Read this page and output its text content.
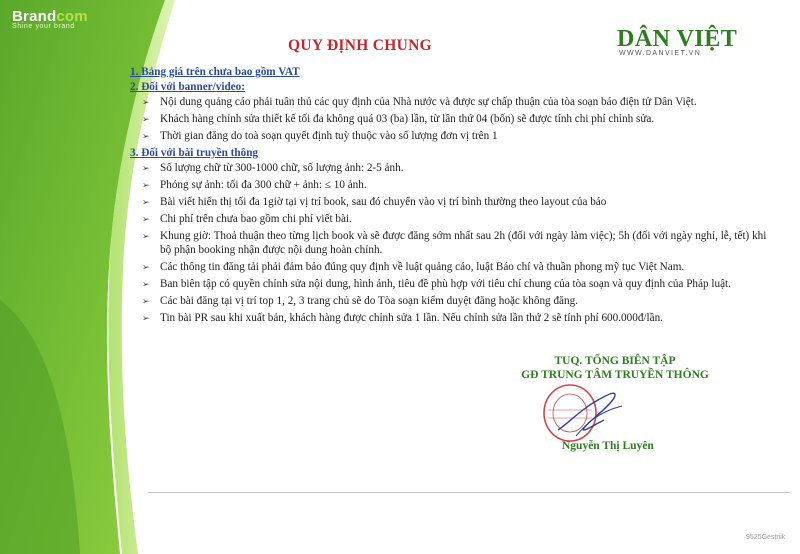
Brandcom
Shine your brand	DÂN VIỆT
WWW.DANVIET.VN
QUY ĐỊNH CHUNG
1. Bảng giá trên chưa bao gồm VAT
2. Đối với banner/video:
➢ Nội dung quảng cáo phải tuân thủ các quy định của Nhà nước và được sự chấp thuận của tòa soạn báo điện tử Dân Việt.
➢ Khách hàng chỉnh sửa thiết kế tối đa không quá 03 (ba) lần, từ lần thứ 04 (bốn) sẽ được tính chi phí chỉnh sửa.
➢ Thời gian đăng do toà soạn quyết định tuỳ thuộc vào số lượng đơn vị trên 1
3. Đối với bài truyền thông
➢ Số lượng chữ từ 300-1000 chữ, số lượng ảnh: 2-5 ảnh.
➢ Phóng sự ảnh: tối đa 300 chữ + ảnh: ≤ 10 ảnh.
➢ Bài viết hiển thị tối đa 1giờ tại vị trí book, sau đó chuyển vào vị trí bình thường theo layout của báo
➢ Chi phí trên chưa bao gồm chi phí viết bài.
➢ Khung giờ: Thoả thuận theo từng lịch book và sẽ được đăng sớm nhất sau 2h (đối với ngày làm việc); 5h (đối với ngày nghỉ, lễ, tết) khi bộ phận booking nhận được nội dung hoàn chỉnh.
➢ Các thông tin đăng tải phải đảm bảo đúng quy định về luật quảng cáo, luật Báo chí và thuần phong mỹ tục Việt Nam.
➢ Ban biên tập có quyền chỉnh sửa nội dung, hình ảnh, tiêu đề phù hợp với tiêu chí chung của tòa soạn và quy định của Pháp luật.
➢ Các bài đăng tại vị trí top 1, 2, 3 trang chủ sẽ do Tòa soạn kiểm duyệt đăng hoặc không đăng.
➢ Tin bài PR sau khi xuất bản, khách hàng được chỉnh sửa 1 lần. Nếu chỉnh sửa lần thứ 2 sẽ tính phí 600.000đ/lần.
TUQ. TỔNG BIÊN TẬP
GĐ TRUNG TÂM TRUYỀN THÔNG
Nguyễn Thị Luyên
9525Gestriik
